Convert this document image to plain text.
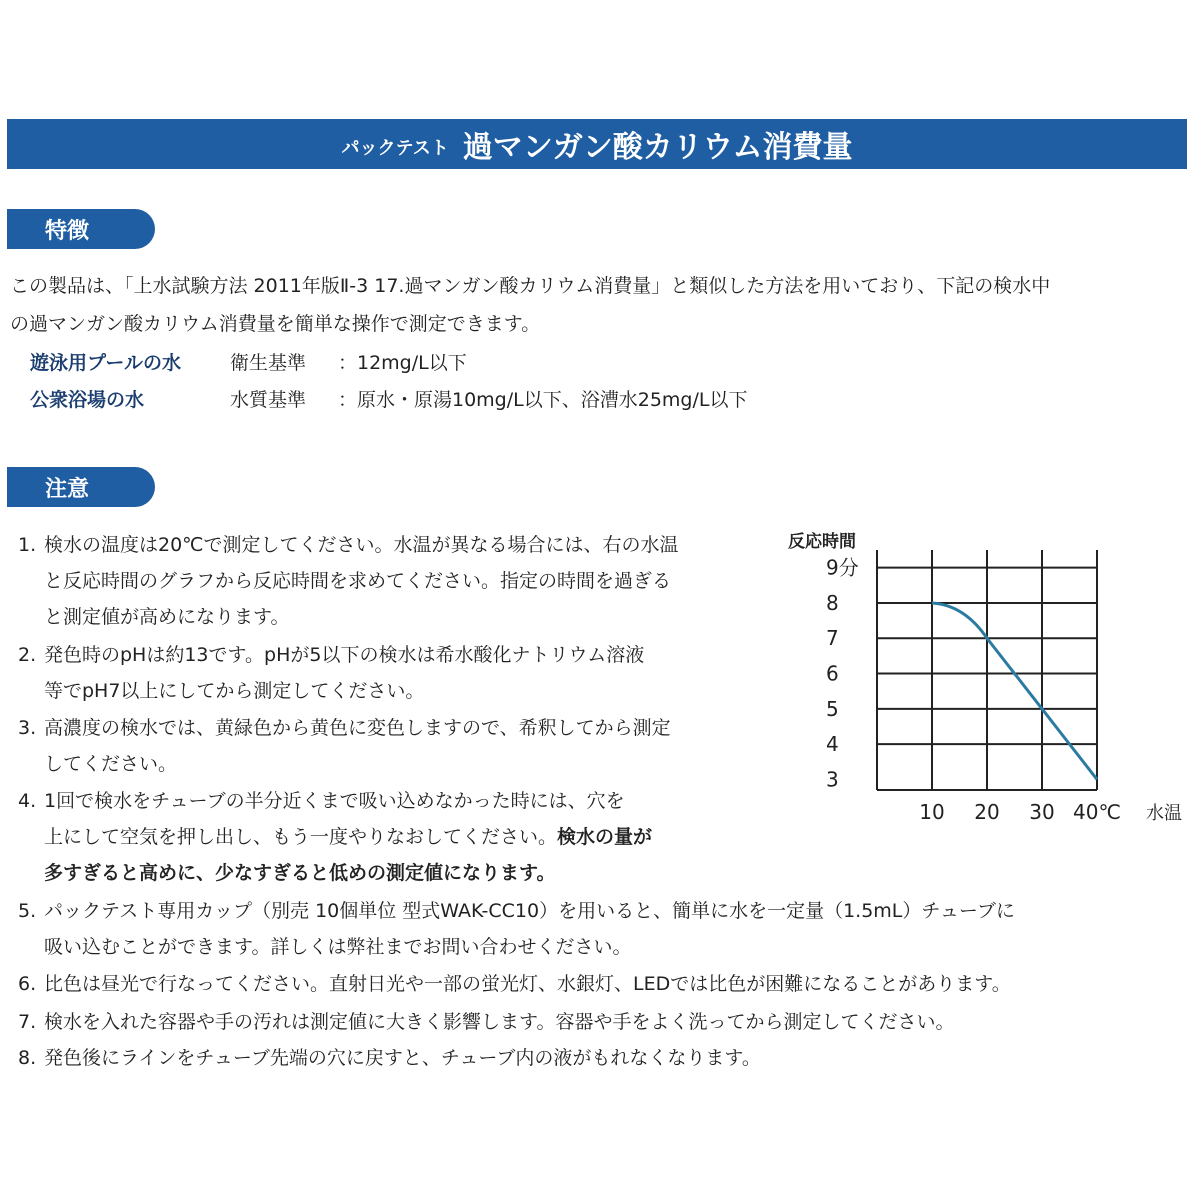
パックテスト 過マンガン酸カリウム消費量
特徴
この製品は、「上水試験方法 2011年版Ⅱ-3 17.過マンガン酸カリウム消費量」と類似した方法を用いており、下記の検水中
の過マンガン酸カリウム消費量を簡単な操作で測定できます。
遊泳用プールの水	衛生基準 ：12mg/L以下
公衆浴場の水	水質基準 ：原水・原湯10mg/L以下、浴漕水25mg/L以下
注意
1. 検水の温度は20℃で測定してください。水温が異なる場合には、右の水温
と反応時間のグラフから反応時間を求めてください。指定の時間を過ぎる
と測定値が高めになります。
2. 発色時のpHは約13です。pHが5以下の検水は希水酸化ナトリウム溶液
等でpH7以上にしてから測定してください。
3. 高濃度の検水では、黄緑色から黄色に変色しますので、希釈してから測定
してください。
4. 1回で検水をチューブの半分近くまで吸い込めなかった時には、穴を
上にして空気を押し出し、もう一度やりなおしてください。検水の量が
多すぎると高めに、少なすぎると低めの測定値になります。
5. パックテスト専用カップ（別売 10個単位 型式WAK-CC10）を用いると、簡単に水を一定量（1.5mL）チューブに
吸い込むことができます。詳しくは弊社までお問い合わせください。
6. 比色は昼光で行なってください。直射日光や一部の蛍光灯、水銀灯、LEDでは比色が困難になることがあります。
7. 検水を入れた容器や手の汚れは測定値に大きく影響します。容器や手をよく洗ってから測定してください。
8. 発色後にラインをチューブ先端の穴に戻すと、チューブ内の液がもれなくなります。
反応時間
9分
8
7
6
5
4
3
10 20 30 40℃ 水温
